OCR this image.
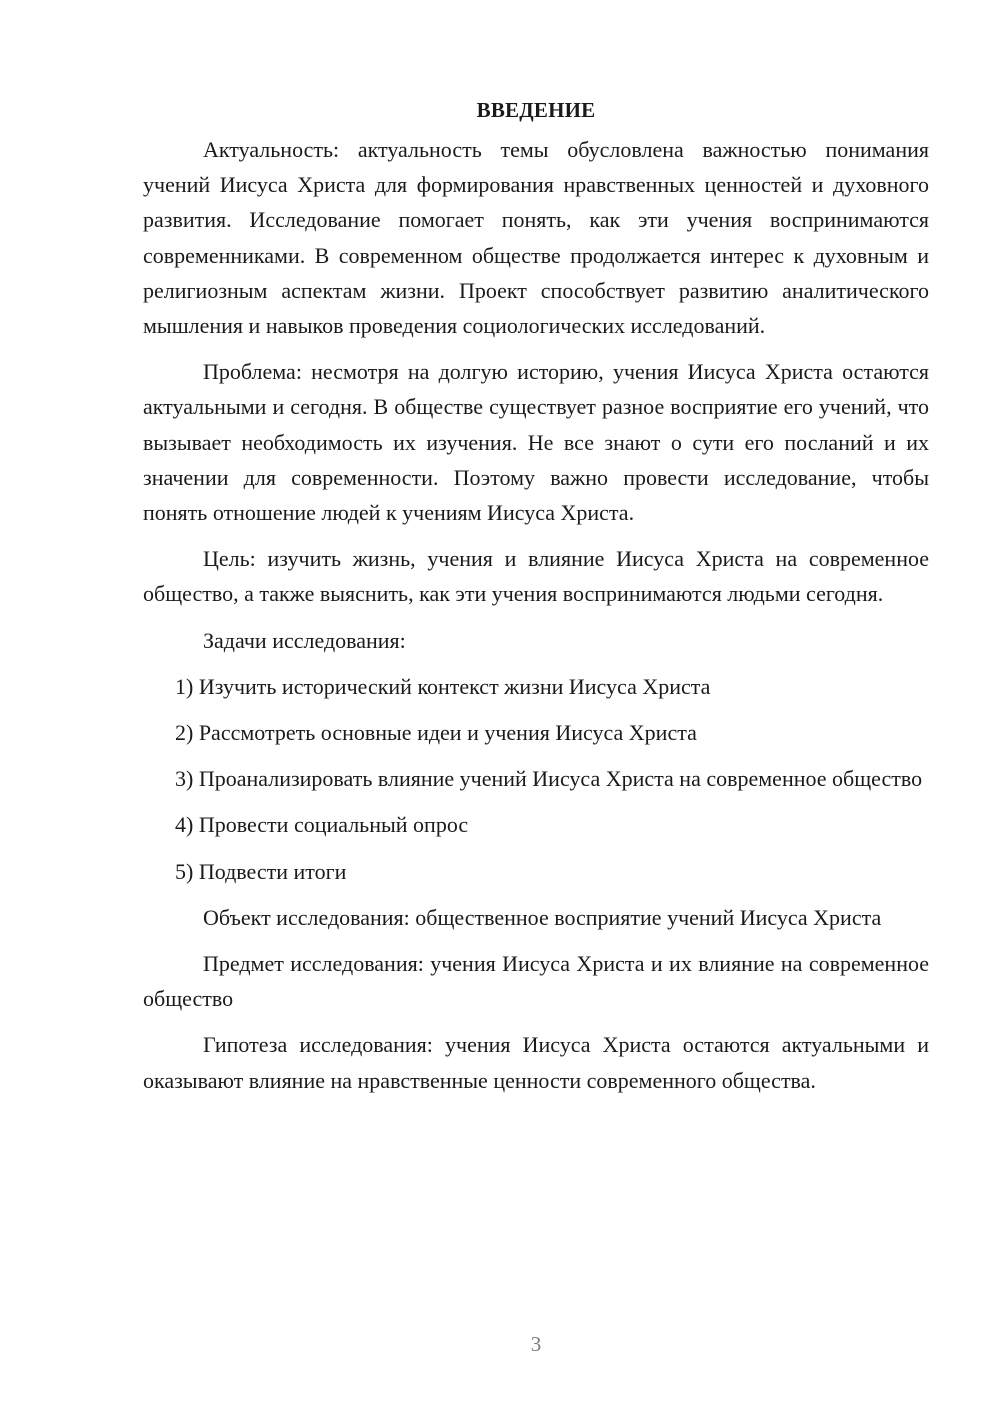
ВВЕДЕНИЕ

Актуальность: актуальность темы обусловлена важностью понимания учений Иисуса Христа для формирования нравственных ценностей и духовного развития. Исследование помогает понять, как эти учения воспринимаются современниками. В современном обществе продолжается интерес к духовным и религиозным аспектам жизни. Проект способствует развитию аналитического мышления и навыков проведения социологических исследований.

Проблема: несмотря на долгую историю, учения Иисуса Христа остаются актуальными и сегодня. В обществе существует разное восприятие его учений, что вызывает необходимость их изучения. Не все знают о сути его посланий и их значении для современности. Поэтому важно провести исследование, чтобы понять отношение людей к учениям Иисуса Христа.

Цель: изучить жизнь, учения и влияние Иисуса Христа на современное общество, а также выяснить, как эти учения воспринимаются людьми сегодня.

Задачи исследования:

1) Изучить исторический контекст жизни Иисуса Христа

2) Рассмотреть основные идеи и учения Иисуса Христа

3) Проанализировать влияние учений Иисуса Христа на современное общество

4) Провести социальный опрос

5) Подвести итоги

Объект исследования: общественное восприятие учений Иисуса Христа

Предмет исследования: учения Иисуса Христа и их влияние на современное общество

Гипотеза исследования: учения Иисуса Христа остаются актуальными и оказывают влияние на нравственные ценности современного общества.

3
